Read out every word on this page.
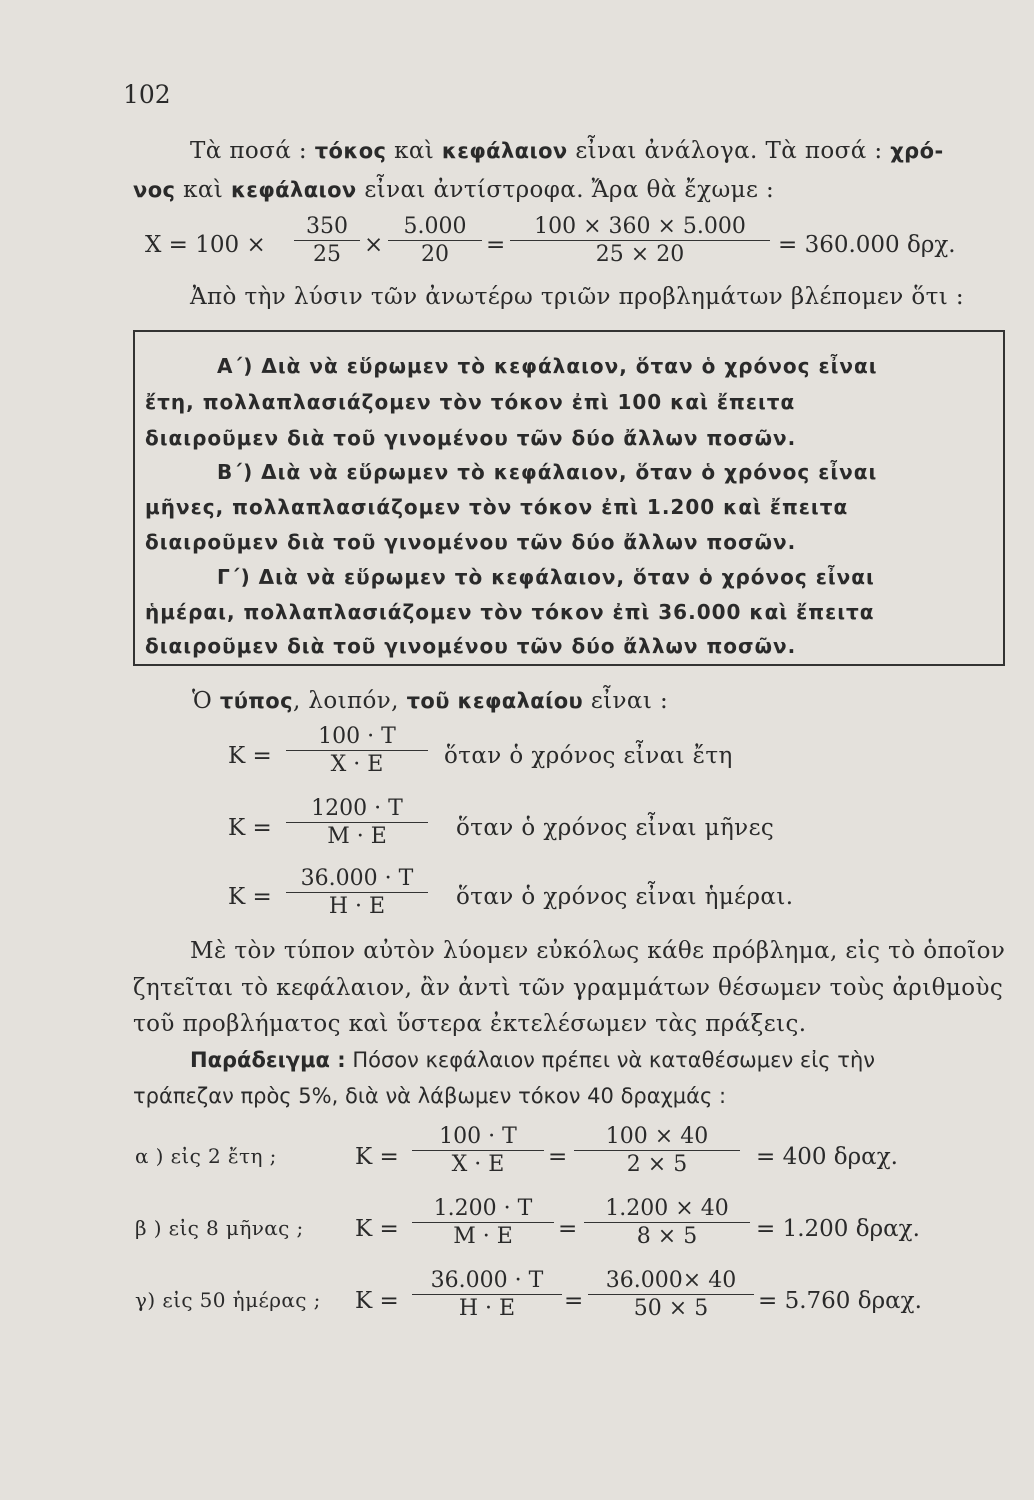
102
Τὰ ποσά : τόκος καὶ κεφάλαιον εἶναι ἀνάλογα. Τὰ ποσά : χρό-
νος καὶ κεφάλαιον εἶναι ἀντίστροφα. Ἄρα θὰ ἔχωμε :
$X = 100 \times \frac{350}{25} \times \frac{5.000}{20} = \frac{100 \times 360 \times 5.000}{25 \times 20} = 360.000$ δρχ.
Ἀπὸ τὴν λύσιν τῶν ἀνωτέρω τριῶν προβλημάτων βλέπομεν ὅτι :
Α΄) Διὰ νὰ εὕρωμεν τὸ κεφάλαιον, ὅταν ὁ χρόνος εἶναι
ἔτη, πολλαπλασιάζομεν τὸν τόκον ἐπὶ 100 καὶ ἔπειτα
διαιροῦμεν διὰ τοῦ γινομένου τῶν δύο ἄλλων ποσῶν.
Β΄) Διὰ νὰ εὕρωμεν τὸ κεφάλαιον, ὅταν ὁ χρόνος εἶναι
μῆνες, πολλαπλασιάζομεν τὸν τόκον ἐπὶ 1.200 καὶ ἔπειτα
διαιροῦμεν διὰ τοῦ γινομένου τῶν δύο ἄλλων ποσῶν.
Γ΄) Διὰ νὰ εὕρωμεν τὸ κεφάλαιον, ὅταν ὁ χρόνος εἶναι
ἡμέραι, πολλαπλασιάζομεν τὸν τόκον ἐπὶ 36.000 καὶ ἔπειτα
διαιροῦμεν διὰ τοῦ γινομένου τῶν δύο ἄλλων ποσῶν.
Ὁ τύπος, λοιπόν, τοῦ κεφαλαίου εἶναι :
$K = \frac{100 \cdot T}{X \cdot E}$ ὅταν ὁ χρόνος εἶναι ἔτη
$K = \frac{1200 \cdot T}{M \cdot E}$ ὅταν ὁ χρόνος εἶναι μῆνες
$K = \frac{36.000 \cdot T}{H \cdot E}$ ὅταν ὁ χρόνος εἶναι ἡμέραι.
Μὲ τὸν τύπον αὐτὸν λύομεν εὐκόλως κάθε πρόβλημα, εἰς τὸ ὁποῖον
ζητεῖται τὸ κεφάλαιον, ἂν ἀντὶ τῶν γραμμάτων θέσωμεν τοὺς ἀριθμοὺς
τοῦ προβλήματος καὶ ὕστερα ἐκτελέσωμεν τὰς πράξεις.
Παράδειγμα : Πόσον κεφάλαιον πρέπει νὰ καταθέσωμεν εἰς τὴν
τράπεζαν πρὸς 5%, διὰ νὰ λάβωμεν τόκον 40 δραχμάς :
α ) εἰς 2 ἔτη ;	$K = \frac{100 \cdot T}{X \cdot E} = \frac{100 \times 40}{2 \times 5} = 400$ δραχ.
β ) εἰς 8 μῆνας ; $K = \frac{1.200 \cdot T}{M \cdot E} = \frac{1.200 \times 40}{8 \times 5} = 1.200$ δραχ.
γ) εἰς 50 ἡμέρας ; $K = \frac{36.000 \cdot T}{H \cdot E} = \frac{36.000\times 40}{50 \times 5} = 5.760$ δραχ.
